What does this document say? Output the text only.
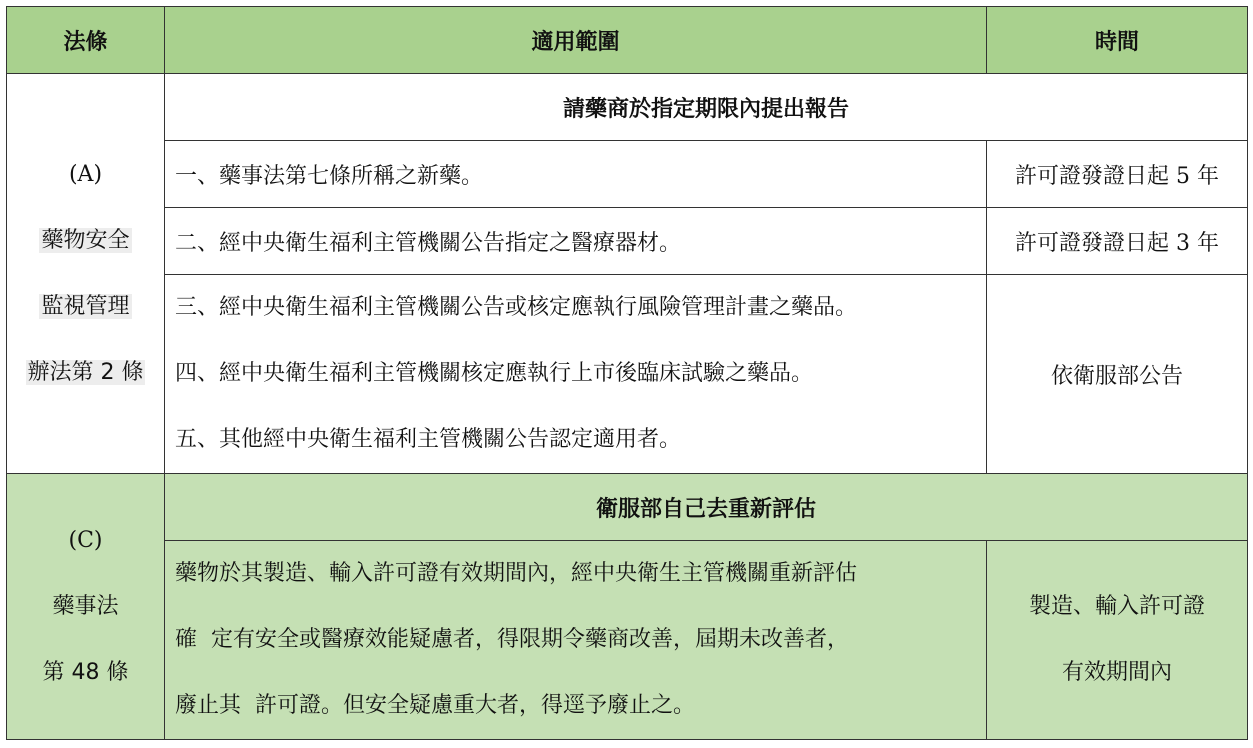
法條	適用範圍	時間

(A)
藥物安全
監視管理
辦法第 2 條	請藥商於指定期限內提出報告	
	一、藥事法第七條所稱之新藥。	許可證發證日起 5 年
	二、經中央衛生福利主管機關公告指定之醫療器材。	許可證發證日起 3 年

	三、經中央衛生福利主管機關公告或核定應執行風險管理計畫之藥品。
四、經中央衛生福利主管機關核定應執行上市後臨床試驗之藥品。
五、其他經中央衛生福利主管機關公告認定適用者。	依衛服部公告

(C)
藥事法
第 48 條	衛服部自己去重新評估	

	藥物於其製造、輸入許可證有效期間內，經中央衛生主管機關重新評估
確  定有安全或醫療效能疑慮者，得限期令藥商改善，屆期未改善者，
廢止其  許可證。但安全疑慮重大者，得逕予廢止之。	製造、輸入許可證
有效期間內
